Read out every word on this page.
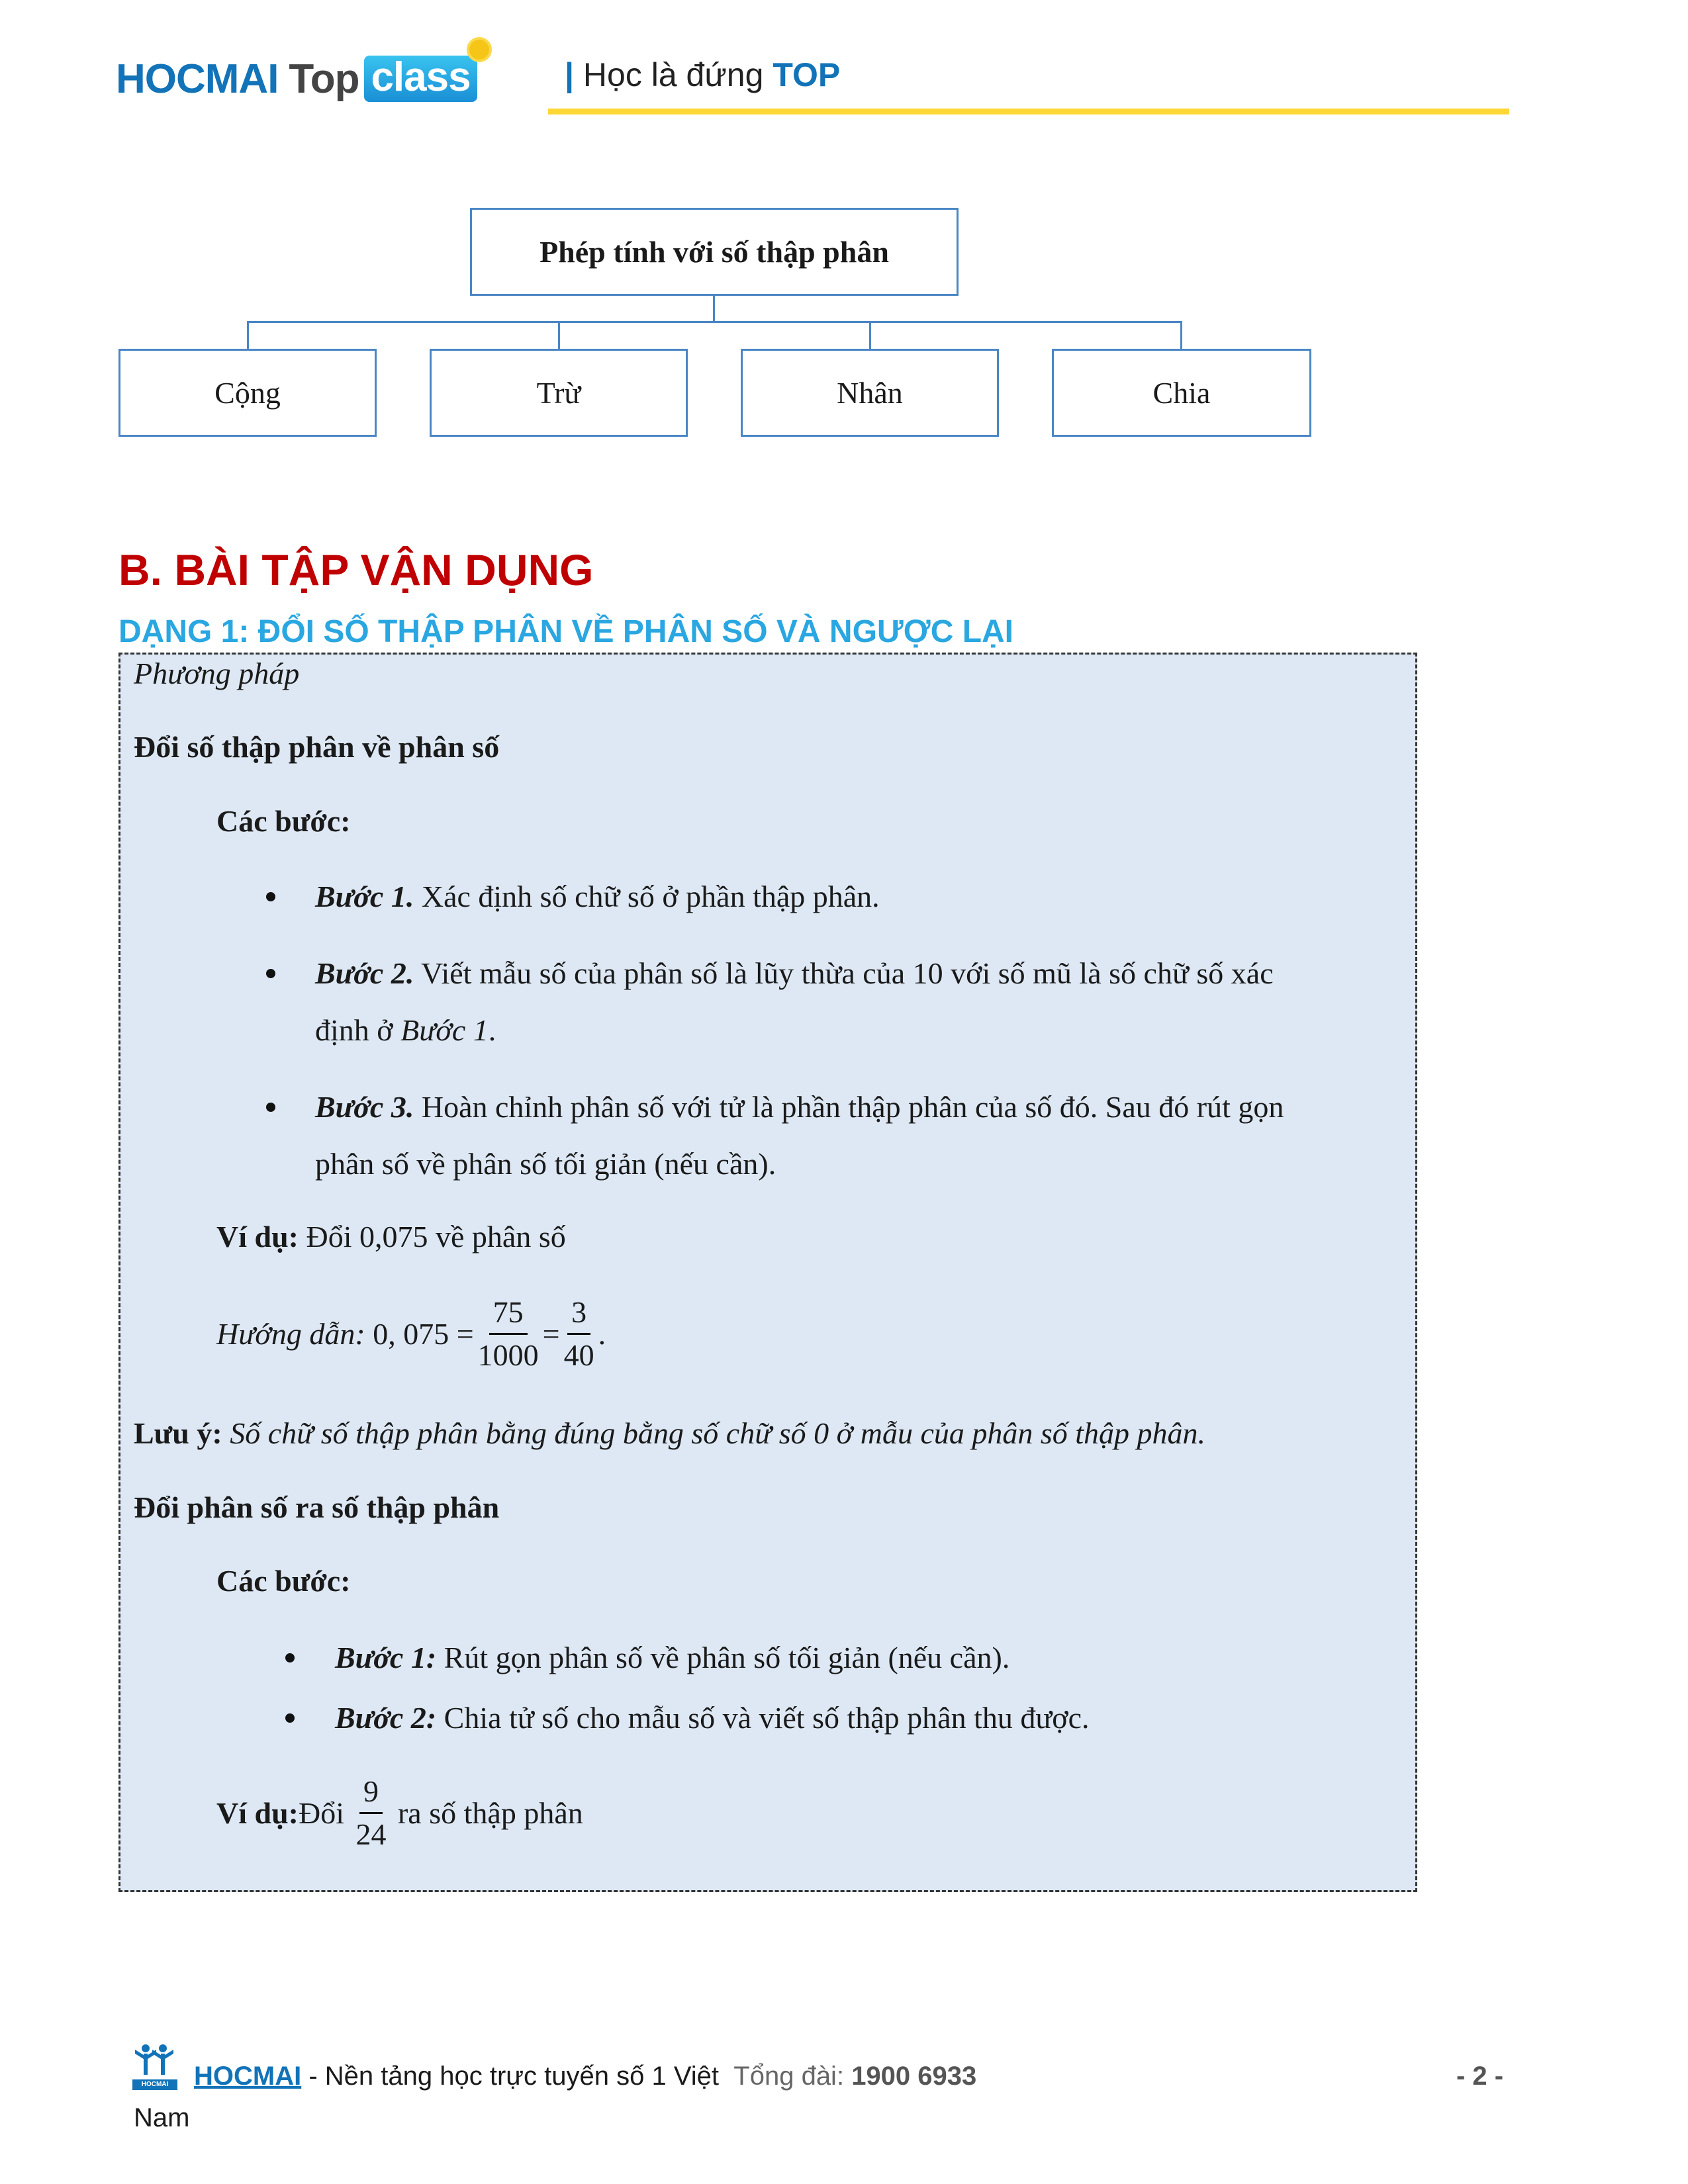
HOCMAI Top class	| Học là đứng TOP
Phép tính với số thập phân
Cộng	Trừ	Nhân	Chia
B. BÀI TẬP VẬN DỤNG
DẠNG 1: ĐỔI SỐ THẬP PHÂN VỀ PHÂN SỐ VÀ NGƯỢC LẠI
Phương pháp
Đổi số thập phân về phân số
Các bước:
Bước 1. Xác định số chữ số ở phần thập phân.
Bước 2. Viết mẫu số của phân số là lũy thừa của 10 với số mũ là số chữ số xác
định ở Bước 1.
Bước 3. Hoàn chỉnh phân số với tử là phần thập phân của số đó. Sau đó rút gọn
phân số về phân số tối giản (nếu cần).
Ví dụ: Đổi 0,075 về phân số
Hướng dẫn:
0, $075 = \frac{75}{1000} = \frac{3}{40}$ .
Lưu ý: Số chữ số thập phân bằng đúng bằng số chữ số 0 ở mẫu của phân số thập phân.
Đổi phân số ra số thập phân
Các bước:
Bước 1: Rút gọn phân số về phân số tối giản (nếu cần).
Bước 2: Chia tử số cho mẫu số và viết số thập phân thu được.
Ví dụ: Đổi
$\frac{9}{24}$
ra số thập phân
HOCMAI HOCMAI - Nền tảng học trực tuyến số 1 Việt Tổng đài: 1900 6933
Nam
- 2 -
